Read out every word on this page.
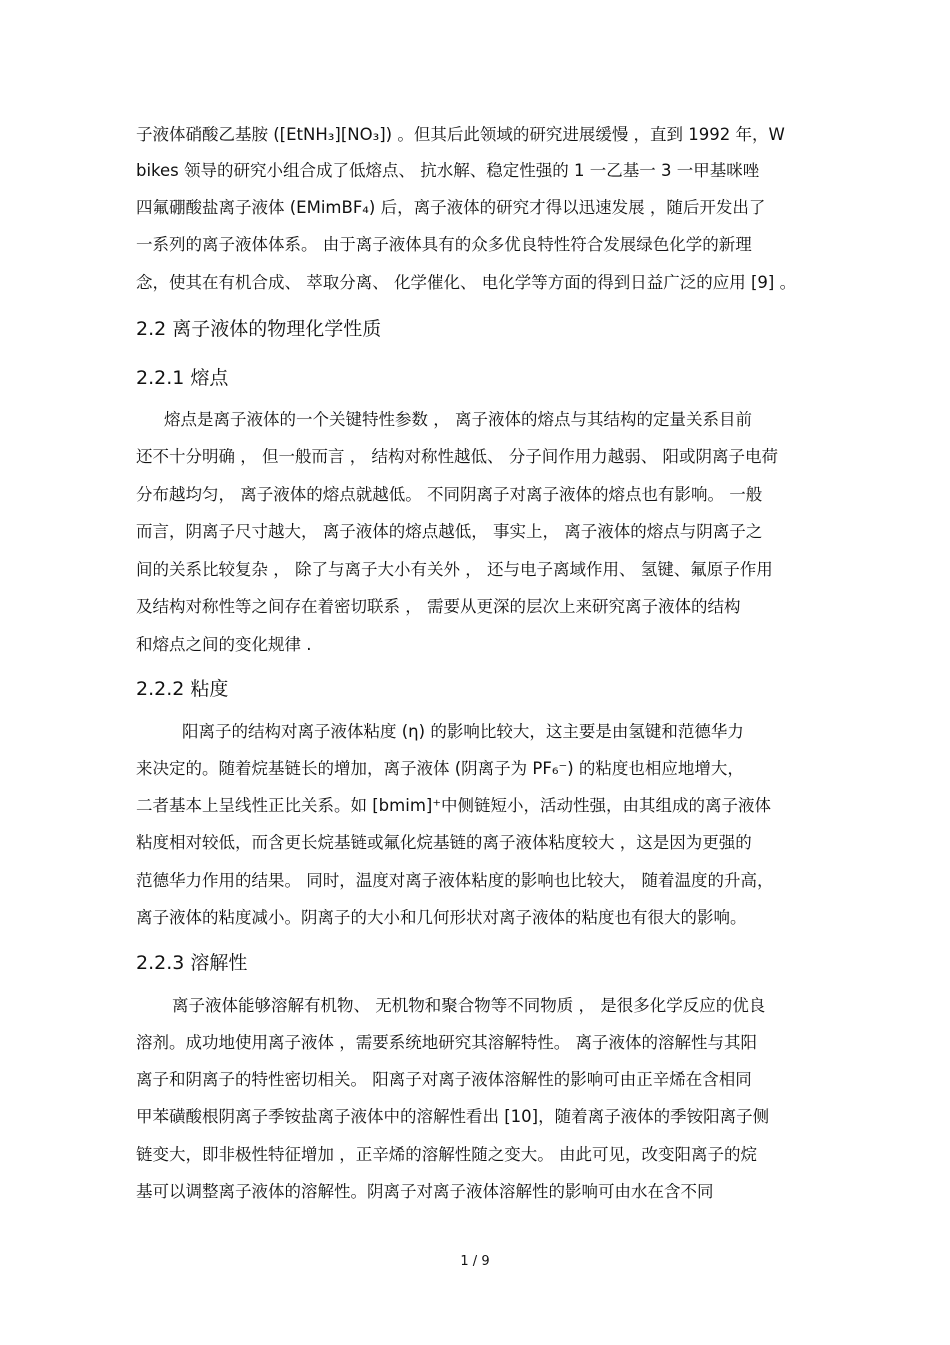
子液体硝酸乙基胺 ([EtNH₃][NO₃]) 。但其后此领域的研究进展缓慢 ，直到 1992 年，W
bikes 领导的研究小组合成了低熔点、 抗水解、稳定性强的 1 一乙基一 3 一甲基咪唑
四氟硼酸盐离子液体 (EMimBF₄) 后，离子液体的研究才得以迅速发展 ，随后开发出了
一系列的离子液体体系。 由于离子液体具有的众多优良特性符合发展绿色化学的新理
念，使其在有机合成、 萃取分离、 化学催化、 电化学等方面的得到日益广泛的应用 [9] 。
2.2 离子液体的物理化学性质
2.2.1 熔点
熔点是离子液体的一个关键特性参数 ， 离子液体的熔点与其结构的定量关系目前
还不十分明确 ， 但一般而言 ， 结构对称性越低、 分子间作用力越弱、 阳或阴离子电荷
分布越均匀， 离子液体的熔点就越低。 不同阴离子对离子液体的熔点也有影响。 一般
而言，阴离子尺寸越大， 离子液体的熔点越低， 事实上， 离子液体的熔点与阴离子之
间的关系比较复杂 ， 除了与离子大小有关外 ， 还与电子离域作用、 氢键、氟原子作用
及结构对称性等之间存在着密切联系 ， 需要从更深的层次上来研究离子液体的结构
和熔点之间的变化规律 .
2.2.2 粘度
阳离子的结构对离子液体粘度 (η) 的影响比较大，这主要是由氢键和范德华力
来决定的。随着烷基链长的增加，离子液体 (阴离子为 PF₆⁻) 的粘度也相应地增大，
二者基本上呈线性正比关系。如 [bmim]⁺中侧链短小，活动性强，由其组成的离子液体
粘度相对较低，而含更长烷基链或氟化烷基链的离子液体粘度较大 ，这是因为更强的
范德华力作用的结果。 同时，温度对离子液体粘度的影响也比较大， 随着温度的升高，
离子液体的粘度减小。阴离子的大小和几何形状对离子液体的粘度也有很大的影响。
2.2.3 溶解性
离子液体能够溶解有机物、 无机物和聚合物等不同物质 ， 是很多化学反应的优良
溶剂。成功地使用离子液体 ，需要系统地研究其溶解特性。 离子液体的溶解性与其阳
离子和阴离子的特性密切相关。 阳离子对离子液体溶解性的影响可由正辛烯在含相同
甲苯磺酸根阴离子季铵盐离子液体中的溶解性看出 [10]，随着离子液体的季铵阳离子侧
链变大，即非极性特征增加 ，正辛烯的溶解性随之变大。 由此可见，改变阳离子的烷
基可以调整离子液体的溶解性。阴离子对离子液体溶解性的影响可由水在含不同
1 / 9
